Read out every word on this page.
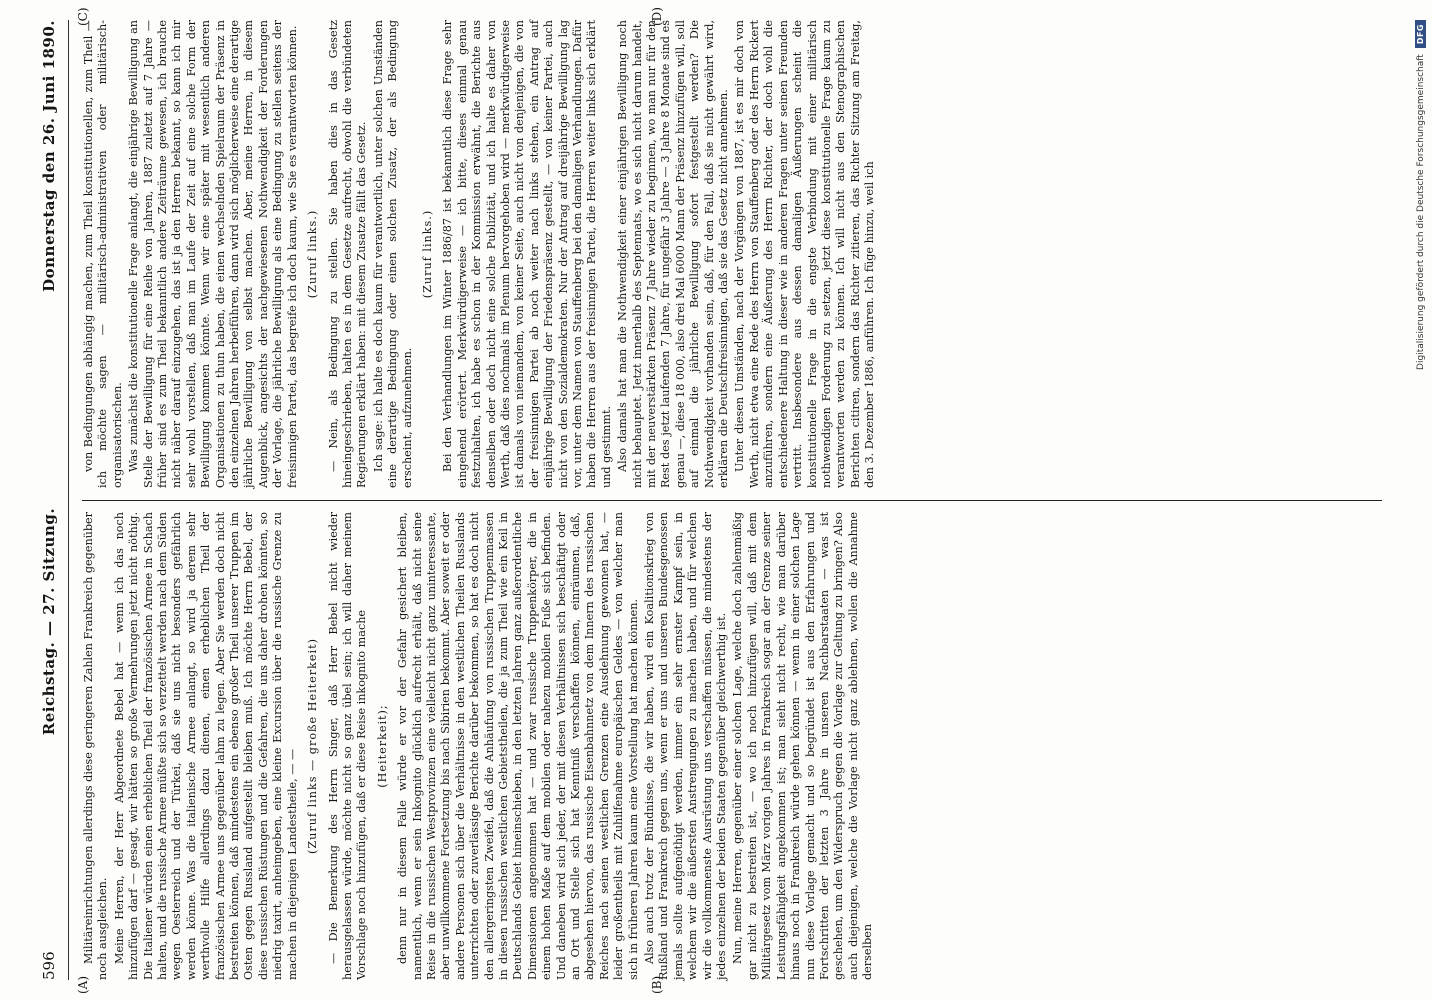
596
Reichstag. — 27. Sitzung.
Donnerstag den 26. Juni 1890.
(A)	(B)
(C)	(D)

Militäreinrichtungen allerdings diese geringeren Zahlen Frankreich gegenüber noch ausgleichen. Meine Herren, der Herr Abgeordnete Bebel hat — wenn ich das noch hinzufügen darf — gesagt, wir hätten so große Vermehrungen jetzt nicht nöthig. Die Italiener würden einen erheblichen Theil der französischen Armee in Schach halten, und die russische Armee müßte sich so verzettelt werden nach dem Süden wegen Oesterreich und der Türkei, daß sie uns nicht besonders gefährlich werden könne. Was die italienische Armee anlangt, so wird ja derem sehr werthvolle Hilfe allerdings dazu dienen, einen erheblichen Theil der französischen Armee uns gegenüber lahm zu legen. Aber Sie werden doch nicht bestreiten können, daß mindestens ein ebenso großer Theil unserer Truppen im Osten gegen Russland aufgestellt bleiben muß. Ich möchte Herrn Bebel, der diese russischen Rüstungen und die Gefahren, die uns daher drohen könnten, so niedrig taxirt, anheimgeben, eine kleine Excursion über die russische Grenze zu machen in diejenigen Landestheile, — —

(Zuruf links — große Heiterkeit) — Die Bemerkung des Herrn Singer, daß Herr Bebel nicht wieder herausgelassen würde, möchte nicht so ganz übel sein; ich will daher meinem Vorschlage noch hinzufügen, daß er diese Reise inkognito mache (Heiterkeit); denn nur in diesem Falle würde er vor der Gefahr gesichert bleiben, namentlich, wenn er sein Inkognito glücklich aufrecht erhält, daß nicht seine Reise in die russischen Westprovinzen eine vielleicht nicht ganz uninteressante, aber unwillkommene Fortsetzung bis nach Sibirien bekommt. Aber soweit er oder andere Personen sich über die Verhältnisse in den westlichen Theilen Russlands unterrichten oder zuverlässige Berichte darüber bekommen, so hat es doch nicht den allergeringsten Zweifel, daß die Anhäufung von russischen Truppenmassen in diesen russischen westlichen Gebietstheilen, die ja zum Theil wie ein Keil in Deutschlands Gebiet hineinschieben, in den letzten Jahren ganz außerordentliche Dimensionen angenommen hat — und zwar russische Truppenkörper, die in einem hohen Maße auf dem mobilen oder nahezu mobilen Fuße sich befinden. Und daneben wird sich jeder, der mit diesen Verhältnissen sich beschäftigt oder an Ort und Stelle sich hat Kenntniß verschaffen können, einräumen, daß, abgesehen hiervon, das russische Eisenbahnnetz von dem Innern des russischen Reiches nach seinen westlichen Grenzen eine Ausdehnung gewonnen hat, — leider großentheils mit Zuhilfenahme europäischen Geldes — von welcher man sich in früheren Jahren kaum eine Vorstellung hat machen können. Also auch trotz der Bündnisse, die wir haben, wird ein Koalitionskrieg von Rußland und Frankreich gegen uns, wenn er uns und unseren Bundesgenossen jemals sollte aufgenöthigt werden, immer ein sehr ernster Kampf sein, in welchem wir die äußersten Anstrengungen zu machen haben, und für welchen wir die vollkommenste Ausrüstung uns verschaffen müssen, die mindestens der jedes einzelnen der beiden Staaten gegenüber gleichwerthig ist. Nun, meine Herren, gegenüber einer solchen Lage, welche doch zahlenmäßig gar nicht zu bestreiten ist, — wo ich noch hinzufügen will, daß mit dem Militärgesetz vom März vorigen Jahres in Frankreich sogar an der Grenze seiner Leistungsfähigkeit angekommen ist; man sieht nicht recht, wie man darüber hinaus noch in Frankreich würde gehen können — wenn in einer solchen Lage nun diese Vorlage gemacht und so begründet ist aus den Erfahrungen und Fortschritten der letzten 3 Jahre in unseren Nachbarstaaten — was ist geschehen, um den Widerspruch gegen die Vorlage zur Geltung zu bringen? Also auch diejenigen, welche die Vorlage nicht ganz ablehnen, wollen die Annahme derselben

von Bedingungen abhängig machen, zum Theil konstitutionellen, zum Theil — ich möchte sagen — militärisch-administrativen oder militärisch-organisatorischen. Was zunächst die konstitutionelle Frage anlangt, die einjährige Bewilligung an Stelle der Bewilligung für eine Reihe von Jahren, 1887 zuletzt auf 7 Jahre — früher sind es zum Theil bekanntlich andere Zeiträume gewesen, ich brauche nicht näher darauf einzugehen, das ist ja den Herren bekannt, so kann ich mir sehr wohl vorstellen, daß man im Laufe der Zeit auf eine solche Form der Bewilligung kommen könnte. Wenn wir eine später mit wesentlich anderen Organisationen zu thun haben, die einen wechselnden Spielraum der Präsenz in den einzelnen Jahren herbeiführen, dann wird sich möglicherweise eine derartige jährliche Bewilligung von selbst machen. Aber, meine Herren, in diesem Augenblick, angesichts der nachgewiesenen Nothwendigkeit der Forderungen der Vorlage, die jährliche Bewilligung als eine Bedingung zu stellen seitens der freisinnigen Partei, das begreife ich doch kaum, wie Sie es verantworten können. (Zuruf links.) — Nein, als Bedingung zu stellen. Sie haben dies in das Gesetz hineingeschrieben, halten es in dem Gesetze aufrecht, obwohl die verbündeten Regierungen erklärt haben: mit diesem Zusatze fällt das Gesetz. Ich sage: ich halte es doch kaum für verantwortlich, unter solchen Umständen eine derartige Bedingung oder einen solchen Zusatz, der als Bedingung erscheint, aufzunehmen.

(Zuruf links.) Bei den Verhandlungen im Winter 1886/87 ist bekanntlich diese Frage sehr eingehend erörtert. Merkwürdigerweise — ich bitte, dieses einmal genau festzuhalten, ich habe es schon in der Kommission erwähnt, die Berichte aus denselben oder doch nicht eine solche Publizität, und ich halte es daher von Werth, daß dies nochmals im Plenum hervorgehoben wird — merkwürdigerweise ist damals von niemandem, von keiner Seite, auch nicht von denjenigen, die von der freisinnigen Partei ab noch weiter nach links stehen, ein Antrag auf einjährige Bewilligung der Friedenspräsenz gestellt, — von keiner Partei, auch nicht von den Sozialdemokraten. Nur der Antrag auf dreijährige Bewilligung lag vor, unter dem Namen von Stauffenberg bei den damaligen Verhandlungen. Dafür haben die Herren aus der freisinnigen Partei, die Herren weiter links sich erklärt und gestimmt. Also damals hat man die Nothwendigkeit einer einjährigen Bewilligung noch nicht behauptet. Jetzt innerhalb des Septennats, wo es sich nicht darum handelt, mit der neuverstärkten Präsenz 7 Jahre wieder zu beginnen, wo man nur für den Rest des jetzt laufenden 7 Jahre, für ungefähr 3 Jahre — 3 Jahre 8 Monate sind es genau —, diese 18 000, also drei Mal 6000 Mann der Präsenz hinzufügen will, soll auf einmal die jährliche Bewilligung sofort festgestellt werden? Die Nothwendigkeit vorhanden sein, daß, für den Fall, daß sie nicht gewährt wird, erklären die Deutschfreisinnigen, daß sie das Gesetz nicht annehmen. Unter diesen Umständen, nach der Vorgängen von 1887, ist es mir doch von Werth, nicht etwa eine Rede des Herrn von Stauffenberg oder des Herrn Rickert anzuführen, sondern eine Äußerung des Herrn Richter, der doch wohl die entschiedenere Haltung in dieser wie in anderen Fragen unter seinen Freunden vertritt. Insbesondere aus dessen damaligen Äußerungen scheint die konstitutionelle Frage in die engste Verbindung mit einer militärisch nothwendigen Forderung zu setzen, jetzt diese konstitutionelle Frage kaum zu verantworten werden zu können. Ich will nicht aus den Stenographischen Berichten citiren, sondern das Richter zitieren, das Richter Sitzung am Freitag, den 3. Dezember 1886, anführen. Ich füge hinzu, weil ich	Digitalisierung gefördert durch die Deutsche Forschungsgemeinschaft
DFG
